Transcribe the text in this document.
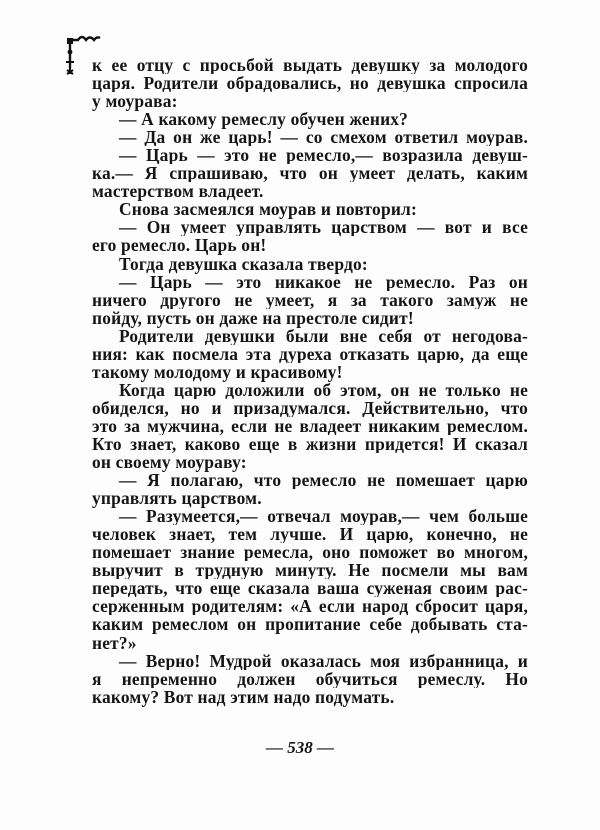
к ее отцу с просьбой выдать девушку за молодого
царя. Родители обрадовались, но девушка спросила
у моурава:
— А какому ремеслу обучен жених?
— Да он же царь! — со смехом ответил моурав.
— Царь — это не ремесло,— возразила девуш-
ка.— Я спрашиваю, что он умеет делать, каким
мастерством владеет.
Снова засмеялся моурав и повторил:
— Он умеет управлять царством — вот и все
его ремесло. Царь он!
Тогда девушка сказала твердо:
— Царь — это никакое не ремесло. Раз он
ничего другого не умеет, я за такого замуж не
пойду, пусть он даже на престоле сидит!
Родители девушки были вне себя от негодова-
ния: как посмела эта дуреха отказать царю, да еще
такому молодому и красивому!
Когда царю доложили об этом, он не только не
обиделся, но и призадумался. Действительно, что
это за мужчина, если не владеет никаким ремеслом.
Кто знает, каково еще в жизни придется! И сказал
он своему моураву:
— Я полагаю, что ремесло не помешает царю
управлять царством.
— Разумеется,— отвечал моурав,— чем больше
человек знает, тем лучше. И царю, конечно, не
помешает знание ремесла, оно поможет во многом,
выручит в трудную минуту. Не посмели мы вам
передать, что еще сказала ваша суженая своим рас-
серженным родителям: «А если народ сбросит царя,
каким ремеслом он пропитание себе добывать ста-
нет?»
— Верно! Мудрой оказалась моя избранница, и
я непременно должен обучиться ремеслу. Но
какому? Вот над этим надо подумать.
— 538 —
